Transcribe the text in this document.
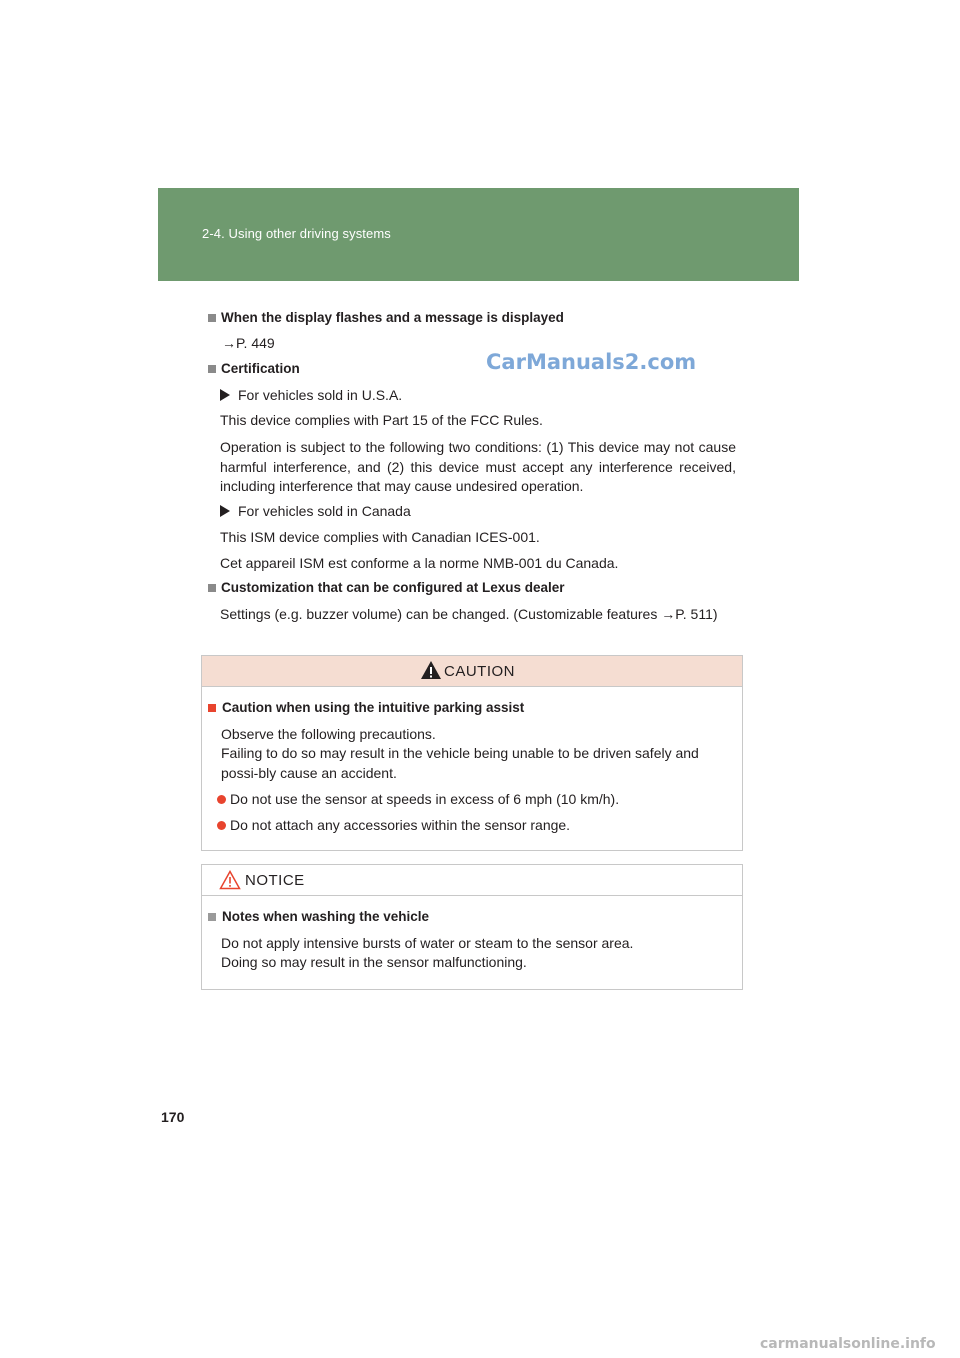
2-4. Using other driving systems
CarManuals2.com
When the display flashes and a message is displayed
→P. 449
Certification
For vehicles sold in U.S.A.
This device complies with Part 15 of the FCC Rules.
Operation is subject to the following two conditions: (1) This device may not cause harmful interference, and (2) this device must accept any interference received, including interference that may cause undesired operation.
For vehicles sold in Canada
This ISM device complies with Canadian ICES-001.
Cet appareil ISM est conforme a la norme NMB-001 du Canada.
Customization that can be configured at Lexus dealer
Settings (e.g. buzzer volume) can be changed. (Customizable features →P. 511)
CAUTION
Caution when using the intuitive parking assist
Observe the following precautions.
Failing to do so may result in the vehicle being unable to be driven safely and possi-bly cause an accident.
Do not use the sensor at speeds in excess of 6 mph (10 km/h).
Do not attach any accessories within the sensor range.
NOTICE
Notes when washing the vehicle
Do not apply intensive bursts of water or steam to the sensor area.
Doing so may result in the sensor malfunctioning.
170
carmanualsonline.info
